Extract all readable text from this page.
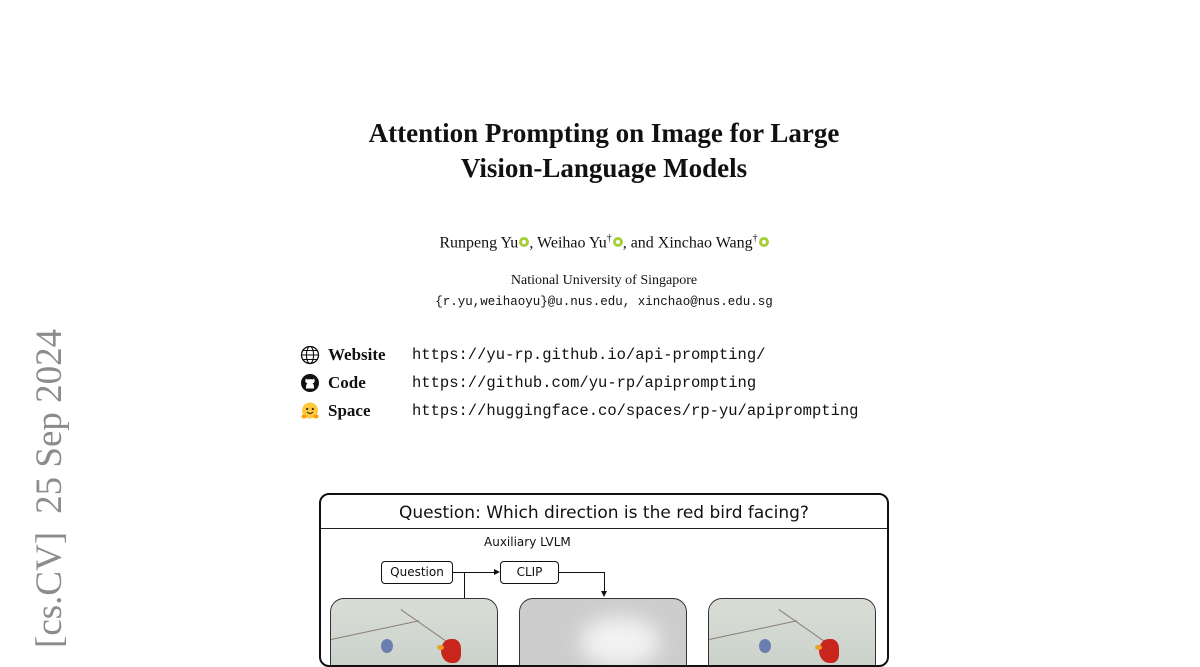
[cs.CV]25 Sep 2024
Attention Prompting on Image for Large
Vision-Language Models
Runpeng Yu , Weihao Yu† , and Xinchao Wang†
National University of Singapore
{r.yu,weihaoyu}@u.nus.edu, xinchao@nus.edu.sg
Website	https://yu-rp.github.io/api-prompting/
Code	https://github.com/yu-rp/apiprompting
Space	https://huggingface.co/spaces/rp-yu/apiprompting
Question: Which direction is the red bird facing?
Auxiliary LVLM
Question	CLIP
